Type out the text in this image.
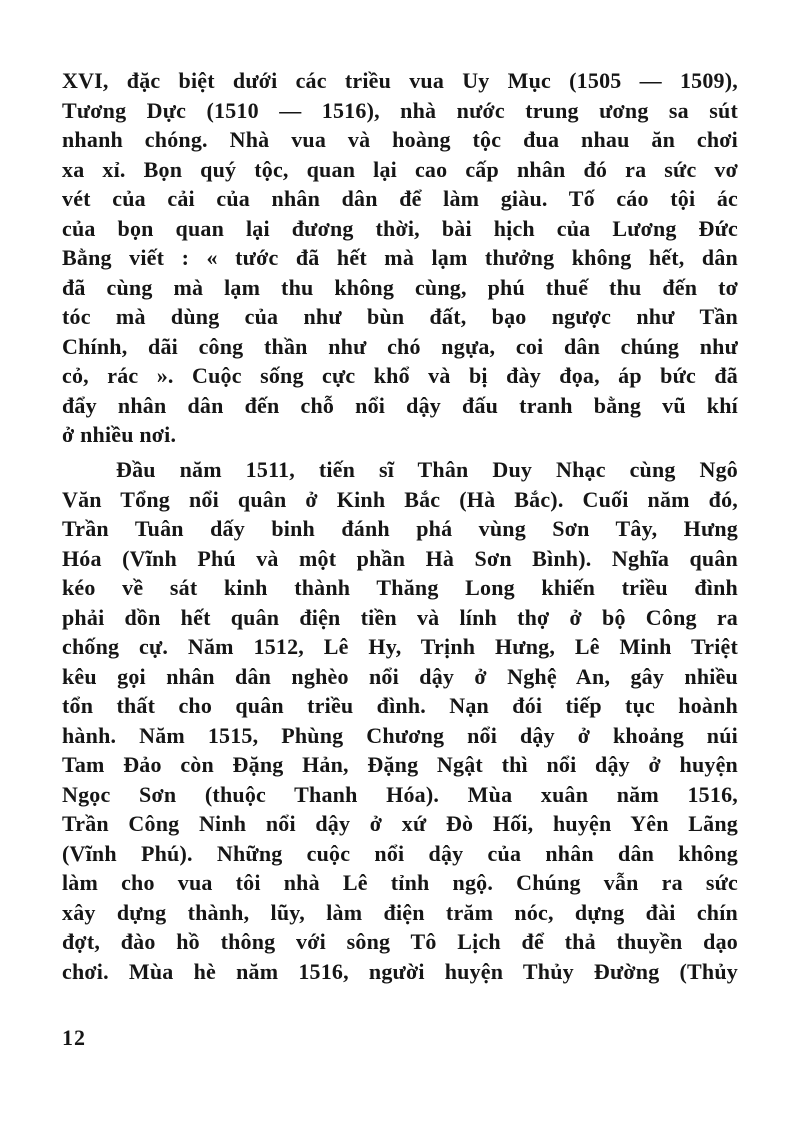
XVI, đặc biệt dưới các triều vua Uy Mục (1505 — 1509),
Tương Dực (1510 — 1516), nhà nước trung ương sa sút
nhanh chóng. Nhà vua và hoàng tộc đua nhau ăn chơi
xa xỉ. Bọn quý tộc, quan lại cao cấp nhân đó ra sức vơ
vét của cải của nhân dân để làm giàu. Tố cáo tội ác
của bọn quan lại đương thời, bài hịch của Lương Đức
Bằng viết : « tước đã hết mà lạm thưởng không hết, dân
đã cùng mà lạm thu không cùng, phú thuế thu đến tơ
tóc mà dùng của như bùn đất, bạo ngược như Tần
Chính, dãi công thần như chó ngựa, coi dân chúng như
cỏ, rác ». Cuộc sống cực khổ và bị đày đọa, áp bức đã
đẩy nhân dân đến chỗ nổi dậy đấu tranh bằng vũ khí
ở nhiều nơi.
Đầu năm 1511, tiến sĩ Thân Duy Nhạc cùng Ngô
Văn Tổng nổi quân ở Kinh Bắc (Hà Bắc). Cuối năm đó,
Trần Tuân dấy binh đánh phá vùng Sơn Tây, Hưng
Hóa (Vĩnh Phú và một phần Hà Sơn Bình). Nghĩa quân
kéo về sát kinh thành Thăng Long khiến triều đình
phải dồn hết quân điện tiền và lính thợ ở bộ Công ra
chống cự. Năm 1512, Lê Hy, Trịnh Hưng, Lê Minh Triệt
kêu gọi nhân dân nghèo nổi dậy ở Nghệ An, gây nhiều
tổn thất cho quân triều đình. Nạn đói tiếp tục hoành
hành. Năm 1515, Phùng Chương nổi dậy ở khoảng núi
Tam Đảo còn Đặng Hản, Đặng Ngật thì nổi dậy ở huyện
Ngọc Sơn (thuộc Thanh Hóa). Mùa xuân năm 1516,
Trần Công Ninh nổi dậy ở xứ Đò Hối, huyện Yên Lãng
(Vĩnh Phú). Những cuộc nổi dậy của nhân dân không
làm cho vua tôi nhà Lê tỉnh ngộ. Chúng vẫn ra sức
xây dựng thành, lũy, làm điện trăm nóc, dựng đài chín
đợt, đào hồ thông với sông Tô Lịch để thả thuyền dạo
chơi. Mùa hè năm 1516, người huyện Thủy Đường (Thủy
12
